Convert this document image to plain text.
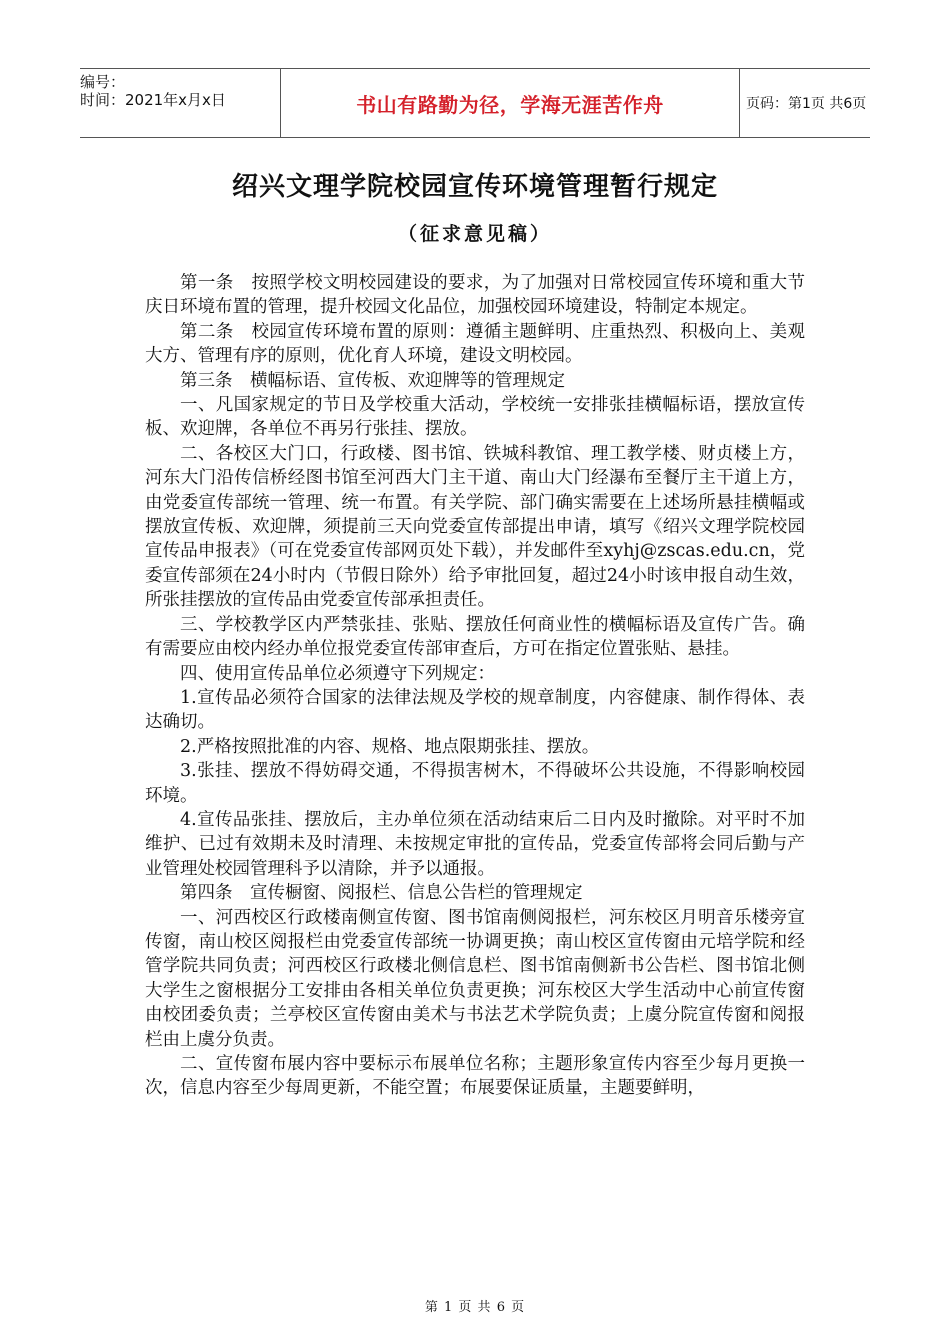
编号：
时间：2021年x月x日	书山有路勤为径，学海无涯苦作舟	页码：第1页 共6页
绍兴文理学院校园宣传环境管理暂行规定
（征求意见稿）

第一条　按照学校文明校园建设的要求，为了加强对日常校园宣传环境和重大节庆日环境布置的管理，提升校园文化品位，加强校园环境建设，特制定本规定。

第二条　校园宣传环境布置的原则：遵循主题鲜明、庄重热烈、积极向上、美观大方、管理有序的原则，优化育人环境，建设文明校园。

第三条　横幅标语、宣传板、欢迎牌等的管理规定

一、凡国家规定的节日及学校重大活动，学校统一安排张挂横幅标语，摆放宣传板、欢迎牌，各单位不再另行张挂、摆放。

二、各校区大门口，行政楼、图书馆、铁城科教馆、理工教学楼、财贞楼上方，河东大门沿传信桥经图书馆至河西大门主干道、南山大门经瀑布至餐厅主干道上方，由党委宣传部统一管理、统一布置。有关学院、部门确实需要在上述场所悬挂横幅或摆放宣传板、欢迎牌，须提前三天向党委宣传部提出申请，填写《绍兴文理学院校园宣传品申报表》（可在党委宣传部网页处下载），并发邮件至xyhj@zscas.edu.cn，党委宣传部须在24小时内（节假日除外）给予审批回复，超过24小时该申报自动生效，所张挂摆放的宣传品由党委宣传部承担责任。

三、学校教学区内严禁张挂、张贴、摆放任何商业性的横幅标语及宣传广告。确有需要应由校内经办单位报党委宣传部审查后，方可在指定位置张贴、悬挂。

四、使用宣传品单位必须遵守下列规定：

1.宣传品必须符合国家的法律法规及学校的规章制度，内容健康、制作得体、表达确切。

2.严格按照批准的内容、规格、地点限期张挂、摆放。

3.张挂、摆放不得妨碍交通，不得损害树木，不得破坏公共设施，不得影响校园环境。

4.宣传品张挂、摆放后，主办单位须在活动结束后二日内及时撤除。对平时不加维护、已过有效期未及时清理、未按规定审批的宣传品，党委宣传部将会同后勤与产业管理处校园管理科予以清除，并予以通报。

第四条　宣传橱窗、阅报栏、信息公告栏的管理规定

一、河西校区行政楼南侧宣传窗、图书馆南侧阅报栏，河东校区月明音乐楼旁宣传窗，南山校区阅报栏由党委宣传部统一协调更换；南山校区宣传窗由元培学院和经管学院共同负责；河西校区行政楼北侧信息栏、图书馆南侧新书公告栏、图书馆北侧大学生之窗根据分工安排由各相关单位负责更换；河东校区大学生活动中心前宣传窗由校团委负责；兰亭校区宣传窗由美术与书法艺术学院负责；上虞分院宣传窗和阅报栏由上虞分负责。

二、宣传窗布展内容中要标示布展单位名称；主题形象宣传内容至少每月更换一次，信息内容至少每周更新，不能空置；布展要保证质量，主题要鲜明，

第 1 页 共 6 页
